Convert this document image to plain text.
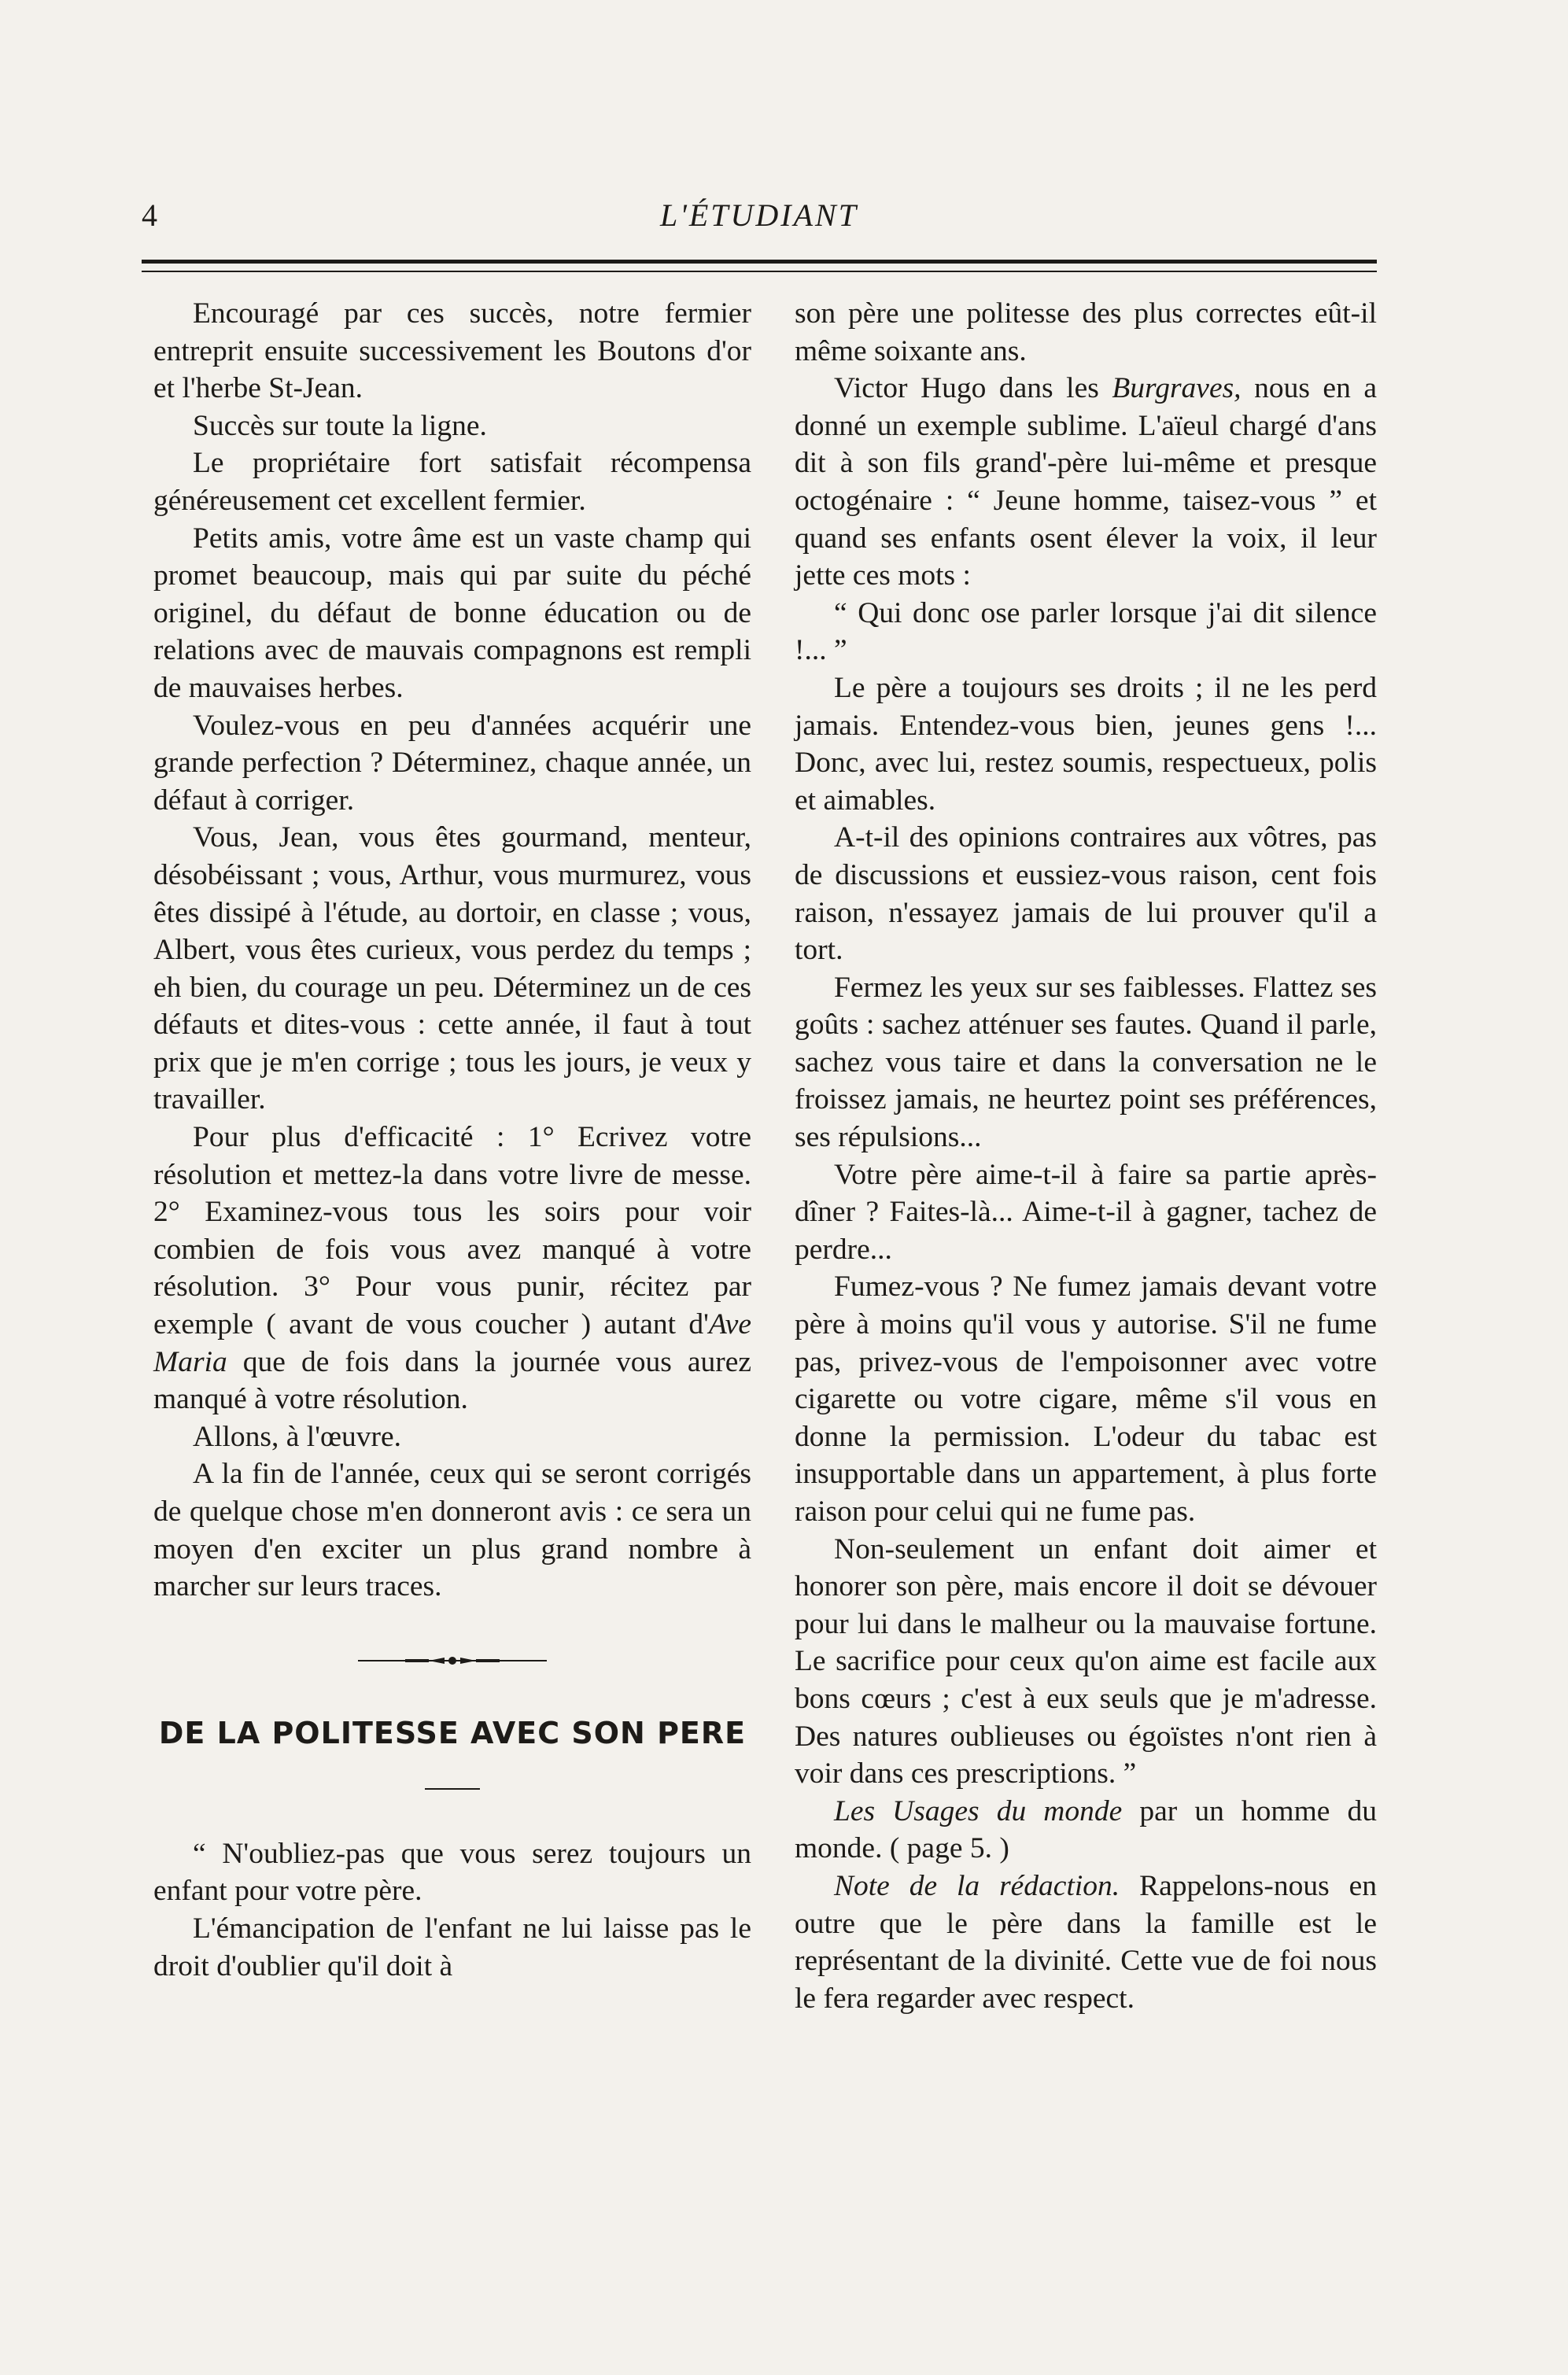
4	L'ÉTUDIANT

Encouragé par ces succès, notre fermier entreprit ensuite successivement les Boutons d'or et l'herbe St-Jean.

Succès sur toute la ligne.

Le propriétaire fort satisfait récompensa généreusement cet excellent fermier.

Petits amis, votre âme est un vaste champ qui promet beaucoup, mais qui par suite du péché originel, du défaut de bonne éducation ou de relations avec de mauvais compagnons est rempli de mauvaises herbes.

Voulez-vous en peu d'années acquérir une grande perfection ? Déterminez, chaque année, un défaut à corriger.

Vous, Jean, vous êtes gourmand, menteur, désobéissant ; vous, Arthur, vous murmurez, vous êtes dissipé à l'étude, au dortoir, en classe ; vous, Albert, vous êtes curieux, vous perdez du temps ; eh bien, du courage un peu. Déterminez un de ces défauts et dites-vous : cette année, il faut à tout prix que je m'en corrige ; tous les jours, je veux y travailler.

Pour plus d'efficacité : 1° Ecrivez votre résolution et mettez-la dans votre livre de messe. 2° Examinez-vous tous les soirs pour voir combien de fois vous avez manqué à votre résolution. 3° Pour vous punir, récitez par exemple ( avant de vous coucher ) autant d'Ave Maria que de fois dans la journée vous aurez manqué à votre résolution.

Allons, à l'œuvre.

A la fin de l'année, ceux qui se seront corrigés de quelque chose m'en donneront avis : ce sera un moyen d'en exciter un plus grand nombre à marcher sur leurs traces.

DE LA POLITESSE AVEC SON PERE

“ N'oubliez-pas que vous serez toujours un enfant pour votre père.

L'émancipation de l'enfant ne lui laisse pas le droit d'oublier qu'il doit à

son père une politesse des plus correctes eût-il même soixante ans.

Victor Hugo dans les Burgraves, nous en a donné un exemple sublime. L'aïeul chargé d'ans dit à son fils grand'-père lui-même et presque octogénaire : “ Jeune homme, taisez-vous ” et quand ses enfants osent élever la voix, il leur jette ces mots :

“ Qui donc ose parler lorsque j'ai dit silence !... ”

Le père a toujours ses droits ; il ne les perd jamais. Entendez-vous bien, jeunes gens !... Donc, avec lui, restez soumis, respectueux, polis et aimables.

A-t-il des opinions contraires aux vôtres, pas de discussions et eussiez-vous raison, cent fois raison, n'essayez jamais de lui prouver qu'il a tort.

Fermez les yeux sur ses faiblesses. Flattez ses goûts : sachez atténuer ses fautes. Quand il parle, sachez vous taire et dans la conversation ne le froissez jamais, ne heurtez point ses préférences, ses répulsions...

Votre père aime-t-il à faire sa partie après-dîner ? Faites-là... Aime-t-il à gagner, tachez de perdre...

Fumez-vous ? Ne fumez jamais devant votre père à moins qu'il vous y autorise. S'il ne fume pas, privez-vous de l'empoisonner avec votre cigarette ou votre cigare, même s'il vous en donne la permission. L'odeur du tabac est insupportable dans un appartement, à plus forte raison pour celui qui ne fume pas.

Non-seulement un enfant doit aimer et honorer son père, mais encore il doit se dévouer pour lui dans le malheur ou la mauvaise fortune. Le sacrifice pour ceux qu'on aime est facile aux bons cœurs ; c'est à eux seuls que je m'adresse. Des natures oublieuses ou égoïstes n'ont rien à voir dans ces prescriptions. ”

Les Usages du monde par un homme du monde. ( page 5. )

Note de la rédaction. Rappelons-nous en outre que le père dans la famille est le représentant de la divinité. Cette vue de foi nous le fera regarder avec respect.
